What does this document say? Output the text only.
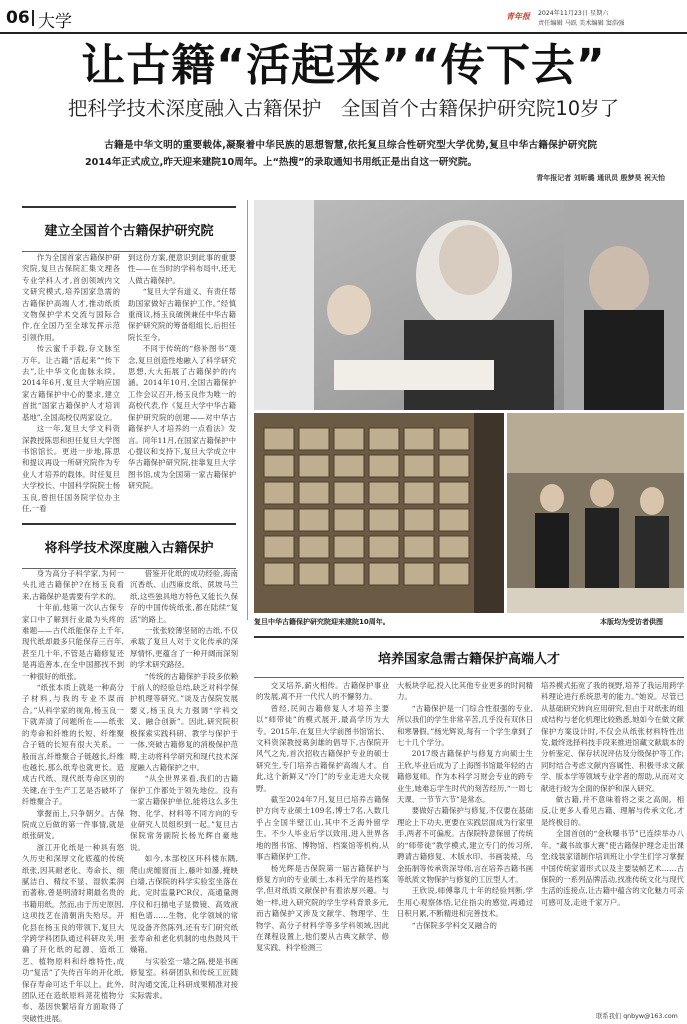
06 大学	青年报	2024年11月23日 星期六
责任编辑 马跃 美术编辑 窦浩强
让古籍“活起来”“传下去”
把科学技术深度融入古籍保护　全国首个古籍保护研究院10岁了
古籍是中华文明的重要载体,凝聚着中华民族的思想智慧,依托复旦综合性研究型大学优势,复旦中华古籍保护研究院2014年正式成立,昨天迎来建院10周年。上“热搜”的录取通知书用纸正是出自这一研究院。
青年报记者 刘昕璐 通讯员 殷梦昊 祝天怡
建立全国首个古籍保护研究院

作为全国首家古籍保护研究院,复旦古保院汇集文理各专业学科人才,首创领域内文文研究模式,培养国家急需的古籍保护高端人才,推动纸质文物保护学术交流与国际合作,在全国乃至全球发挥示范引领作用。

传云蜜千手载,存文脉至万年。让古籍“活起来”“传下去”,让中华文化血脉永续。2014年6月,复旦大学响应国家古籍保护中心的要求,建立首批“国家古籍保护人才培训基地”,全国高校仅两家设立。

这一年,复旦大学文科资深教授陈思和担任复旦大学图书馆馆长。更进一步地,陈思和提议再设一所研究院作为专业人才培养的载体。时任复旦大学校长、中国科学院院士杨玉良,曾担任国务院学位办主任,一看

到这份方案,便意识到此事的重要性——在当时的学科布局中,还无人做古籍保护。

“复旦大学有道义、有责任帮助国家做好古籍保护工作。”经慎重商议,杨玉良破例兼任中华古籍保护研究院的筹备组组长,后担任院长至今。

不同于传统的“修补图书”观念,复旦创造性地融入了科学研究思想,大大拓展了古籍保护的内涵。2014年10月,全国古籍保护工作会议召开,杨玉良作为唯一的高校代表,作《复旦大学中华古籍保护研究院的创建——对中华古籍保护人才培养的一点看法》发言。同年11月,在国家古籍保护中心提议和支持下,复旦大学成立中华古籍保护研究院,挂靠复旦大学图书馆,成为全国第一家古籍保护研究院。

将科学技术深度融入古籍保护

身为高分子科学家,为何一头扎进古籍保护?在杨玉良看来,古籍保护是需要有学术的。

十年前,他第一次认古保专家口中了解到行业最为头疼的难题——古代纸能保存上千年,现代纸却最多只能保存三百年,甚至几十年,不管是古籍修复还是再造善本,在全中国都找不到一种很好的纸张。

“纸张本质上就是一种高分子材料,与我的专业不谋而合。”从科学家的视角,杨玉良一下就弄清了问题所在——纸张的寿命和纤维的长短、纤维聚合子链的长短有很大关系。一般而言,纤维聚合子链越长,纤维也越长,那么纸寿也就更长。造成古代纸、现代纸寿命区别的关键,在于生产工艺是否破坏了纤维聚合子。

掌握而上,只争朝夕。古保院成立后做的第一件事情,就是纸张研发。

浙江开化纸是一种具有悠久历史和深厚文化底蕴的传统纸张,因其耐老化、寿命长、细腻洁白、精纹不显、湿软柔润而著称,曾是明清时期最名贵的书籍用纸。然而,由于历史原因,这项技艺在清朝消失殆尽。开化县在杨玉良的带领下,复旦大学跨学科团队通过科研攻关,明确了开化纸的起源、造纸工艺、植物原料和纤维特性,成功“复活”了失传百年的开化纸,保存寿命可达千年以上。此外,团队还在造纸原料荛花植物分布、基因快繁培育方面取得了突破性进展。

借鉴开化纸的成功经验,海南沉香纸、山西麻皮纸、蔗坡马兰纸,这些独具地方特色又能长久保存的中国传统纸张,都在陆续“复活”的路上。

一张张较薄坚韧的古纸,不仅承载了复旦人对于文化传承的深厚情怀,更蕴含了一种开阔而深刻的学术研究路径。

“传统的古籍保护手段多依赖于前人的经验总结,缺乏对科学保护机理等研究。”谈及古保院发展要义,杨玉良大力强调“学科交叉、融合创新”。因此,研究院积极探索实践科研、教学与保护于一体,突破古籍修复的消极保护范畴,主动将科学研究和现代技术深度融入古籍保护之中。

“从全世界来看,我们的古籍保护工作都处于领先地位。没有一家古籍保护单位,能将这么多生物、化学、材料等不同方向的专业研究人员组织到一起。”复旦古保院常务副院长杨光辉自豪地说。

如今,本部校区环科楼东隅,爬山虎缠窗而上,藤叶如瀑,掩映白墙,古保院的科学实验室坐落在此。定时监量PCR仪、高通量测序仪和扫描电子显微镜、高效液相色谱……生物、化学领域的常见设备齐然陈列,还有专门研究纸张寿命和老化机制的电热鼓风干燥箱。

与实验室一墙之隔,便是书画修复室。科研团队和传统工匠随时沟通交流,让科研成果精准对接实际需求。

复旦中华古籍保护研究院迎来建院10周年。	本版均为受访者供图
培养国家急需古籍保护高端人才

交叉培养,薪火相传。古籍保护事业的发展,离不开一代代人的不懈努力。

曾经,民间古籍修复人才培养主要以“师带徒”的模式展开,最高学历为大专。2015年,在复旦大学前图书馆馆长、文科资深教授葛剑雄的倡导下,古保院开风气之先,首次招收古籍保护专业的硕士研究生,专门培养古籍保护高端人才。自此,这个新鲜又“冷门”的专业走进大众视野。

截至2024年7月,复旦已培养古籍保护方向专业硕士109名,博士7名,入数几乎占全国半壁江山,其中不乏海外留学生。不少人毕业后学以致用,进入世界各地的图书馆、博物馆、档案馆等机构,从事古籍保护工作。

杨光辉是古保院第一届古籍保护与修复方向的专业硕士,本科无学的是档案学,但对纸质文献保护有着浓厚兴趣。与她一样,进入研究院的学生学科背景多元,而古籍保护又涉及文献学、物理学、生物学、高分子材料学等多学科领域,因此在课程设置上,他们要从古典文献学、修复实践、科学检测三

大板块学起,投入比其他专业更多的时间精力。

“古籍保护是一门综合性很强的专业,所以我们的学生非常辛苦,几乎没有双休日和寒暑假。”杨光辉说,每有一个学生拿到了七十几个学分。

2017级古籍保护与修复方向硕士生王欣,毕业后成为了上海图书馆最年轻的古籍修复师。作为本科学习财会专业的跨专业生,她难忘学生时代的刻苦经历,“一周七天课、一节节六节”是常态。

要做好古籍保护与修复,不仅要在基础理论上下功夫,更要在实践层面成为行家里手,两者不可偏废。古保院特意保留了传统的“师带徒”教学模式,建立专门的传习所,聘请古籍修复、木版水印、书画装裱、乌金拓制等传承资深导师,言在培养古籍书画等纸质文物保护与修复的工匠型人才。

王欣说,师傅靠几十年的经验判断,学生用心观察体悟,记住指尖的感觉,再通过日积月累,不断精进和完善技术。

“古保院多学科交叉融合的

培养模式拓宽了我的视野,培养了我运用跨学科理论进行系统思考的能力。”她说。尽管已从基础研究转向应用研究,但由于对纸张的组成结构与老化机理比较熟悉,她如今在做文献保护方案设计时,不仅会从纸张材料特性出发,最终选择科技手段来推进馆藏文献载本的分析鉴定、保存状况评估及分级保护等工作;同时结合考虑文献内容属性、积极寻求文献学、版本学等领域专业学者的帮助,从而对文献进行较为全面的保护和深入研究。

做古籍,并不意味着将之束之高阁。相反,让更多人看见古籍、理解与传承文化,才是终极目的。

全国首创的“金秋曝书节”已连续举办八年。“藏书故事大赛”使古籍保护理念走出课堂;线装家谱制作培训班让小学生们学习掌握中国传统家谱形式以及主要装帧艺术……古保院的一系列品牌活动,找准传统文化与现代生活的连接点,让古籍中蕴含的文化魅力可亲可感可及,走进千家万户。

联系我们 qnbyw@163.com
